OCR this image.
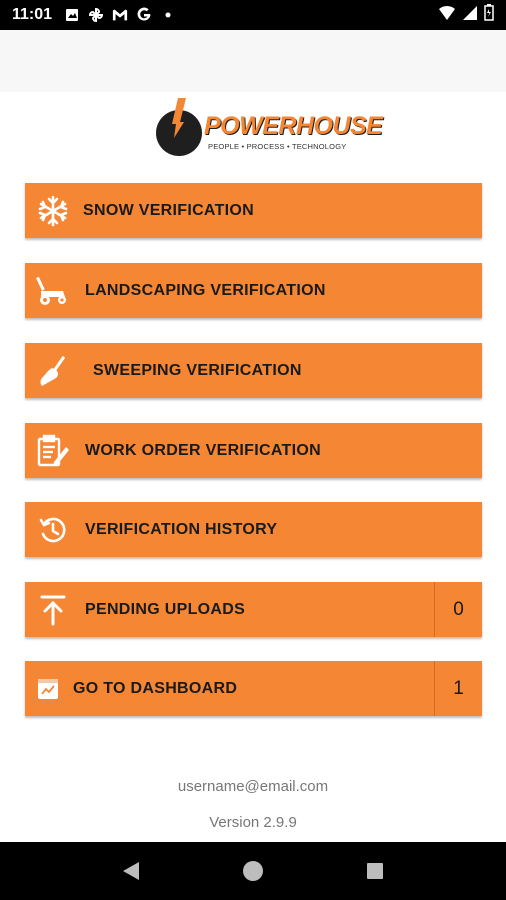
11:01
POWERHOUSE
PEOPLE • PROCESS • TECHNOLOGY
SNOW VERIFICATION
LANDSCAPING VERIFICATION
SWEEPING VERIFICATION
WORK ORDER VERIFICATION
VERIFICATION HISTORY
PENDING UPLOADS	0
GO TO DASHBOARD	1
username@email.com
Version 2.9.9
